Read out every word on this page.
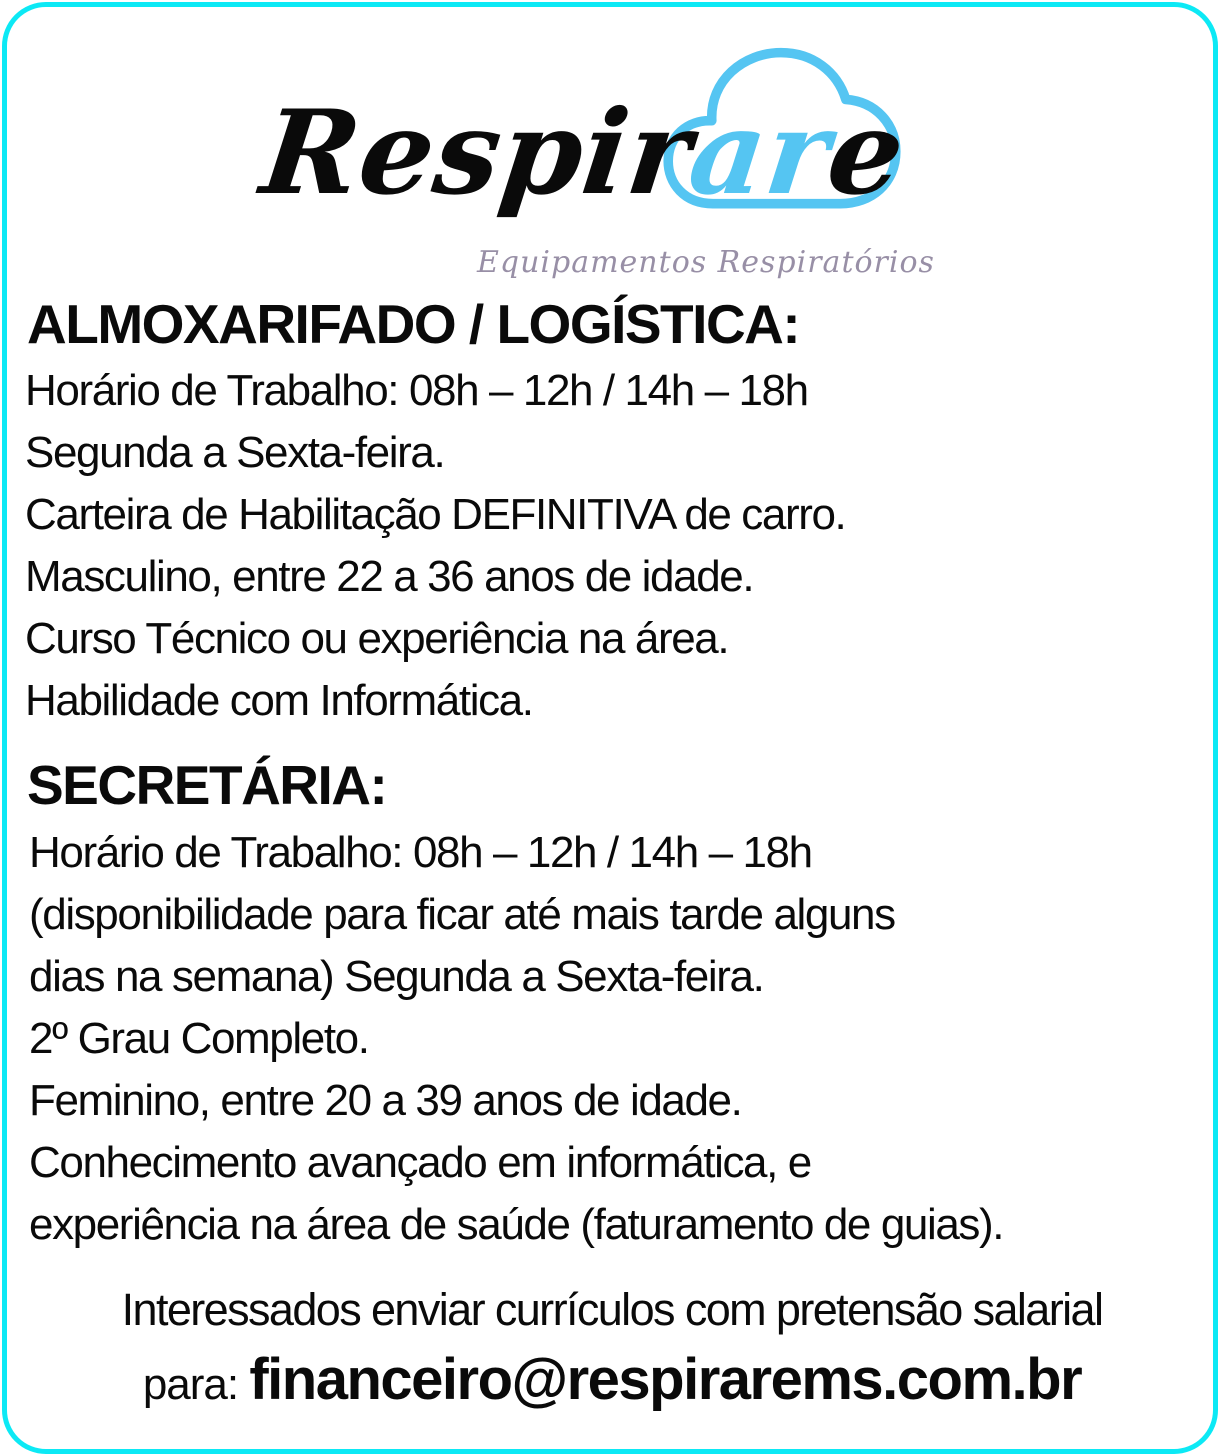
Respirare
Equipamentos Respiratórios
ALMOXARIFADO / LOGÍSTICA:
Horário de Trabalho: 08h – 12h / 14h – 18h
Segunda a Sexta-feira.
Carteira de Habilitação DEFINITIVA de carro.
Masculino, entre 22 a 36 anos de idade.
Curso Técnico ou experiência na área.
Habilidade com Informática.
SECRETÁRIA:
Horário de Trabalho: 08h – 12h / 14h – 18h
(disponibilidade para ficar até mais tarde alguns
dias na semana) Segunda a Sexta-feira.
2º Grau Completo.
Feminino, entre 20 a 39 anos de idade.
Conhecimento avançado em informática, e
experiência na área de saúde (faturamento de guias).
Interessados enviar currículos com pretensão salarial
para: financeiro@respirarems.com.br
